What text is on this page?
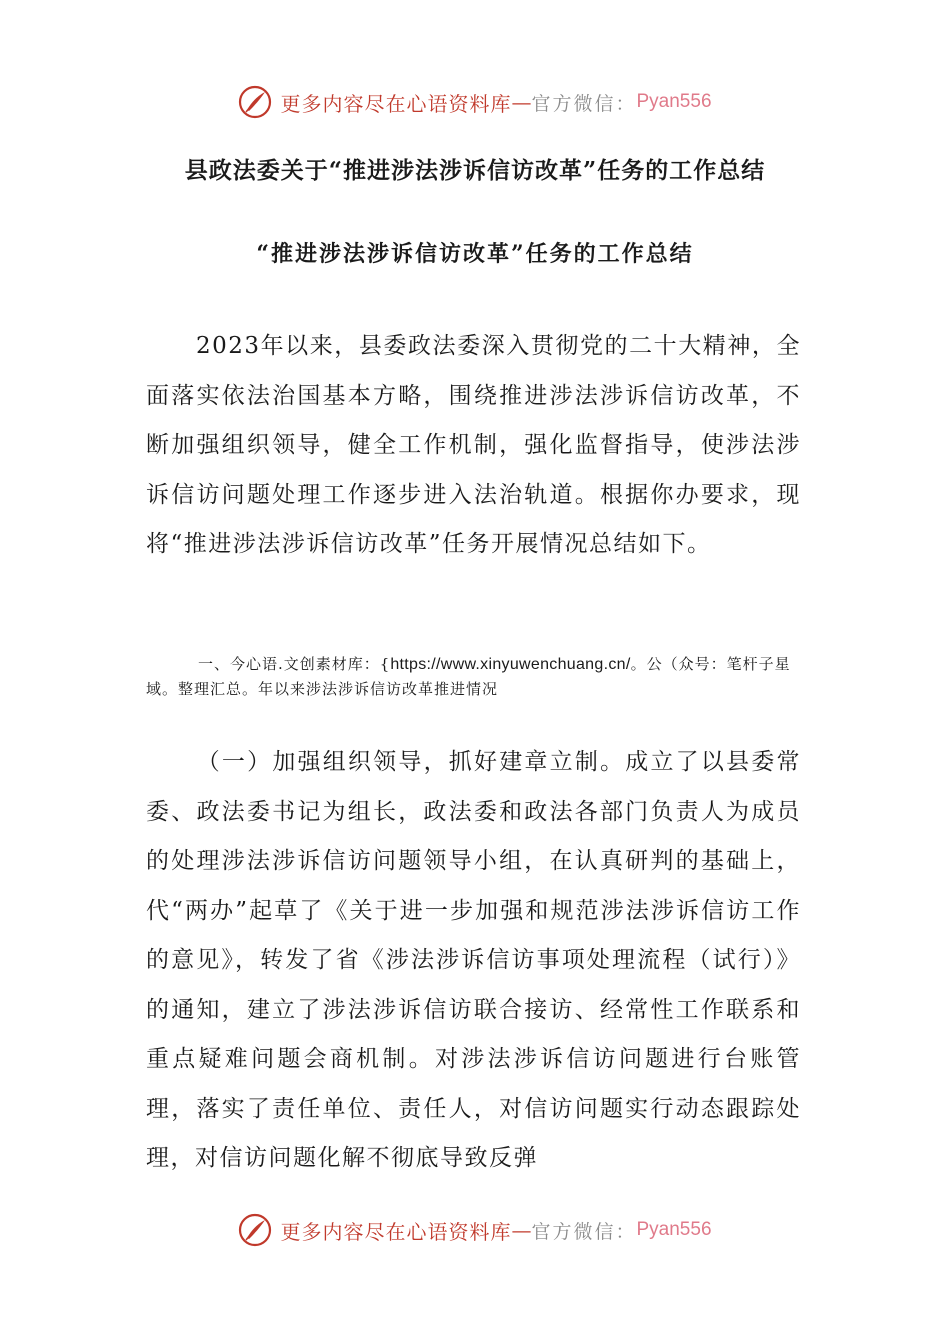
更多内容尽在心语资料库 — 官方微信： Pyan556
县政法委关于“推进涉法涉诉信访改革”任务的工作总结
“推进涉法涉诉信访改革”任务的工作总结

2023年以来，县委政法委深入贯彻党的二十大精神，全面落实依法治国基本方略，围绕推进涉法涉诉信访改革，不断加强组织领导，健全工作机制，强化监督指导，使涉法涉诉信访问题处理工作逐步进入法治轨道。根据你办要求，现将“推进涉法涉诉信访改革”任务开展情况总结如下。

一、今心语.文创素材库：{https://www.xinyuwenchuang.cn/。公（众号：笔杆子星域。整理汇总。年以来涉法涉诉信访改革推进情况

（一）加强组织领导，抓好建章立制。成立了以县委常委、政法委书记为组长，政法委和政法各部门负责人为成员的处理涉法涉诉信访问题领导小组，在认真研判的基础上，代“两办”起草了《关于进一步加强和规范涉法涉诉信访工作的意见》，转发了省《涉法涉诉信访事项处理流程（试行）》的通知，建立了涉法涉诉信访联合接访、经常性工作联系和重点疑难问题会商机制。对涉法涉诉信访问题进行台账管理，落实了责任单位、责任人，对信访问题实行动态跟踪处理，对信访问题化解不彻底导致反弹

更多内容尽在心语资料库 — 官方微信： Pyan556
